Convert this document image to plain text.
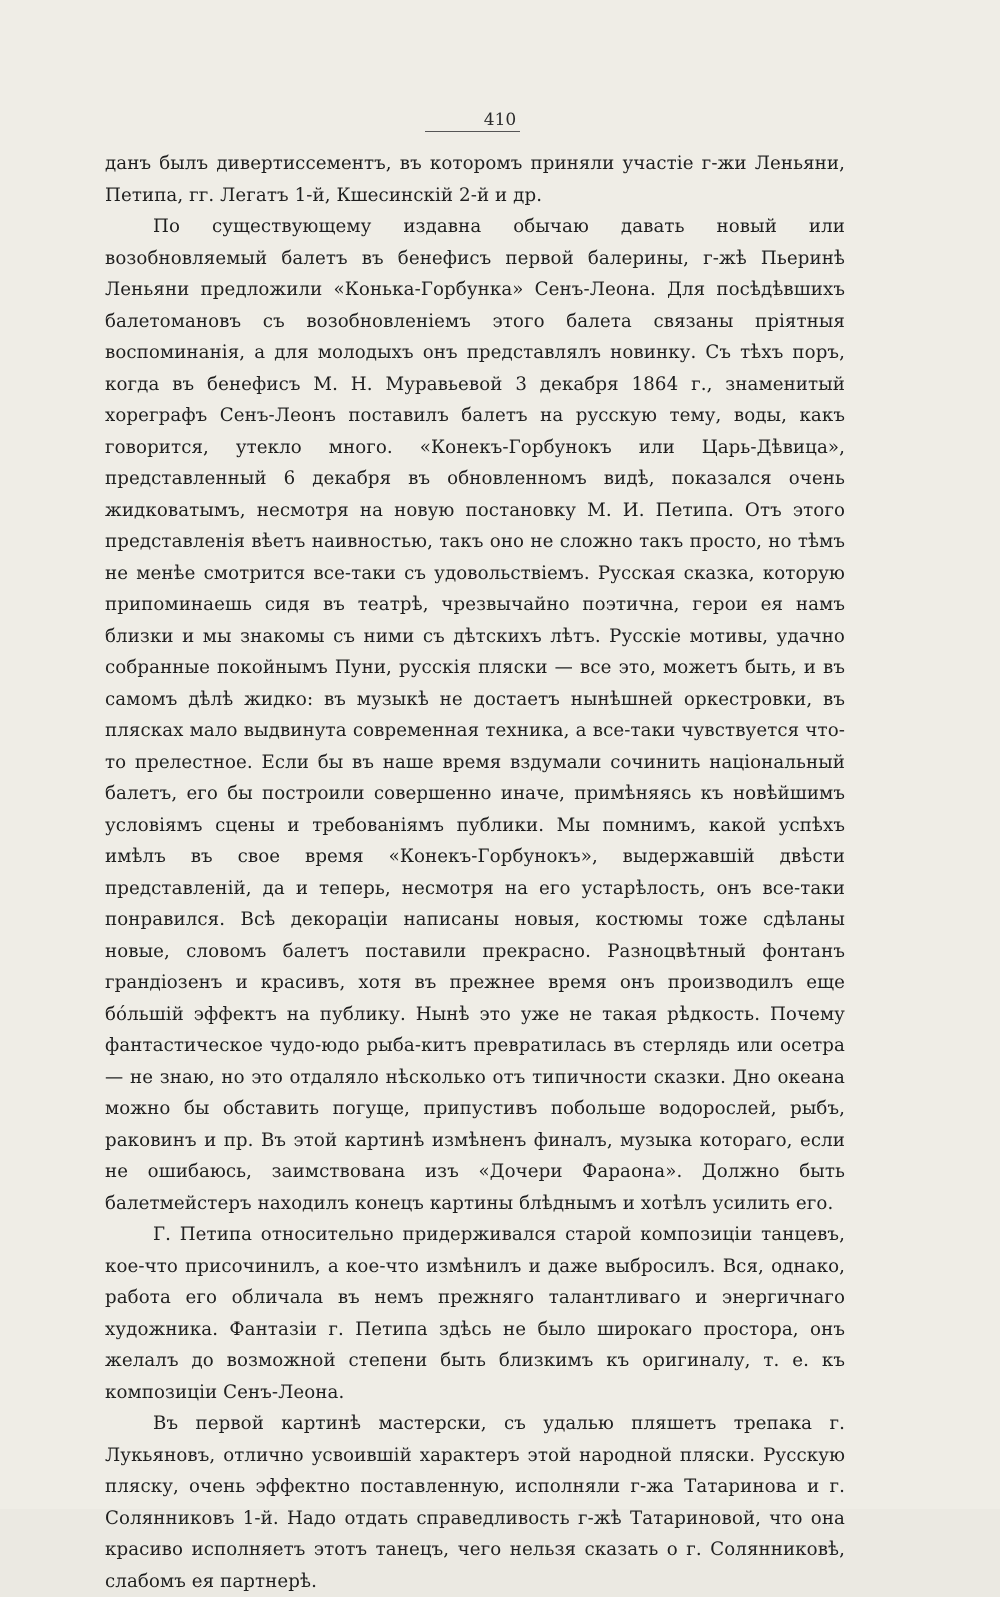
410

данъ былъ дивертиссементъ, въ которомъ приняли участіе г-жи Леньяни, Петипа, гг. Легатъ 1-й, Кшесинскій 2-й и др.

По существующему издавна обычаю давать новый или возобновляемый балетъ въ бенефисъ первой балерины, г-жѣ Пьеринѣ Леньяни предложили «Конька-Горбунка» Сенъ-Леона. Для посѣдѣвшихъ балетомановъ съ возобновленіемъ этого балета связаны пріятныя воспоминанія, а для молодыхъ онъ представлялъ новинку. Съ тѣхъ поръ, когда въ бенефисъ М. Н. Муравьевой 3 декабря 1864 г., знаменитый хореграфъ Сенъ-Леонъ поставилъ балетъ на русскую тему, воды, какъ говорится, утекло много. «Конекъ-Горбунокъ или Царь-Дѣвица», представленный 6 декабря въ обновленномъ видѣ, показался очень жидковатымъ, несмотря на новую постановку М. И. Петипа. Отъ этого представленія вѣетъ наивностью, такъ оно не сложно такъ просто, но тѣмъ не менѣе смотрится все-таки съ удовольствіемъ. Русская сказка, которую припоминаешь сидя въ театрѣ, чрезвычайно поэтична, герои ея намъ близки и мы знакомы съ ними съ дѣтскихъ лѣтъ. Русскіе мотивы, удачно собранные покойнымъ Пуни, русскія пляски — все это, можетъ быть, и въ самомъ дѣлѣ жидко: въ музыкѣ не достаетъ нынѣшней оркестровки, въ плясках мало выдвинута современная техника, а все-таки чувствуется что-то прелестное. Если бы въ наше время вздумали сочинить національный балетъ, его бы построили совершенно иначе, примѣняясь къ новѣйшимъ условіямъ сцены и требованіямъ публики. Мы помнимъ, какой успѣхъ имѣлъ въ свое время «Конекъ-Горбунокъ», выдержавшій двѣсти представленій, да и теперь, несмотря на его устарѣлость, онъ все-таки понравился. Всѣ декораціи написаны новыя, костюмы тоже сдѣланы новые, словомъ балетъ поставили прекрасно. Разноцвѣтный фонтанъ грандіозенъ и красивъ, хотя въ прежнее время онъ производилъ еще бóльшій эффектъ на публику. Нынѣ это уже не такая рѣдкость. Почему фантастическое чудо-юдо рыба-китъ превратилась въ стерлядь или осетра — не знаю, но это отдаляло нѣсколько отъ типичности сказки. Дно океана можно бы обставить погуще, припустивъ побольше водорослей, рыбъ, раковинъ и пр. Въ этой картинѣ измѣненъ финалъ, музыка котораго, если не ошибаюсь, заимствована изъ «Дочери Фараона». Должно быть балетмейстеръ находилъ конецъ картины блѣднымъ и хотѣлъ усилить его.

Г. Петипа относительно придерживался старой композиціи танцевъ, кое-что присочинилъ, а кое-что измѣнилъ и даже выбросилъ. Вся, однако, работа его обличала въ немъ прежняго талантливаго и энергичнаго художника. Фантазіи г. Петипа здѣсь не было широкаго простора, онъ желалъ до возможной степени быть близкимъ къ оригиналу, т. е. къ композиціи Сенъ-Леона.

Въ первой картинѣ мастерски, съ удалью пляшетъ трепака г. Лукьяновъ, отлично усвоившій характеръ этой народной пляски. Русскую пляску, очень эффектно поставленную, исполняли г-жа Татаринова и г. Солянниковъ 1-й. Надо отдать справедливость г-жѣ Татариновой, что она красиво исполняетъ этотъ танецъ, чего нельзя сказать о г. Солянниковѣ, слабомъ ея партнерѣ.
